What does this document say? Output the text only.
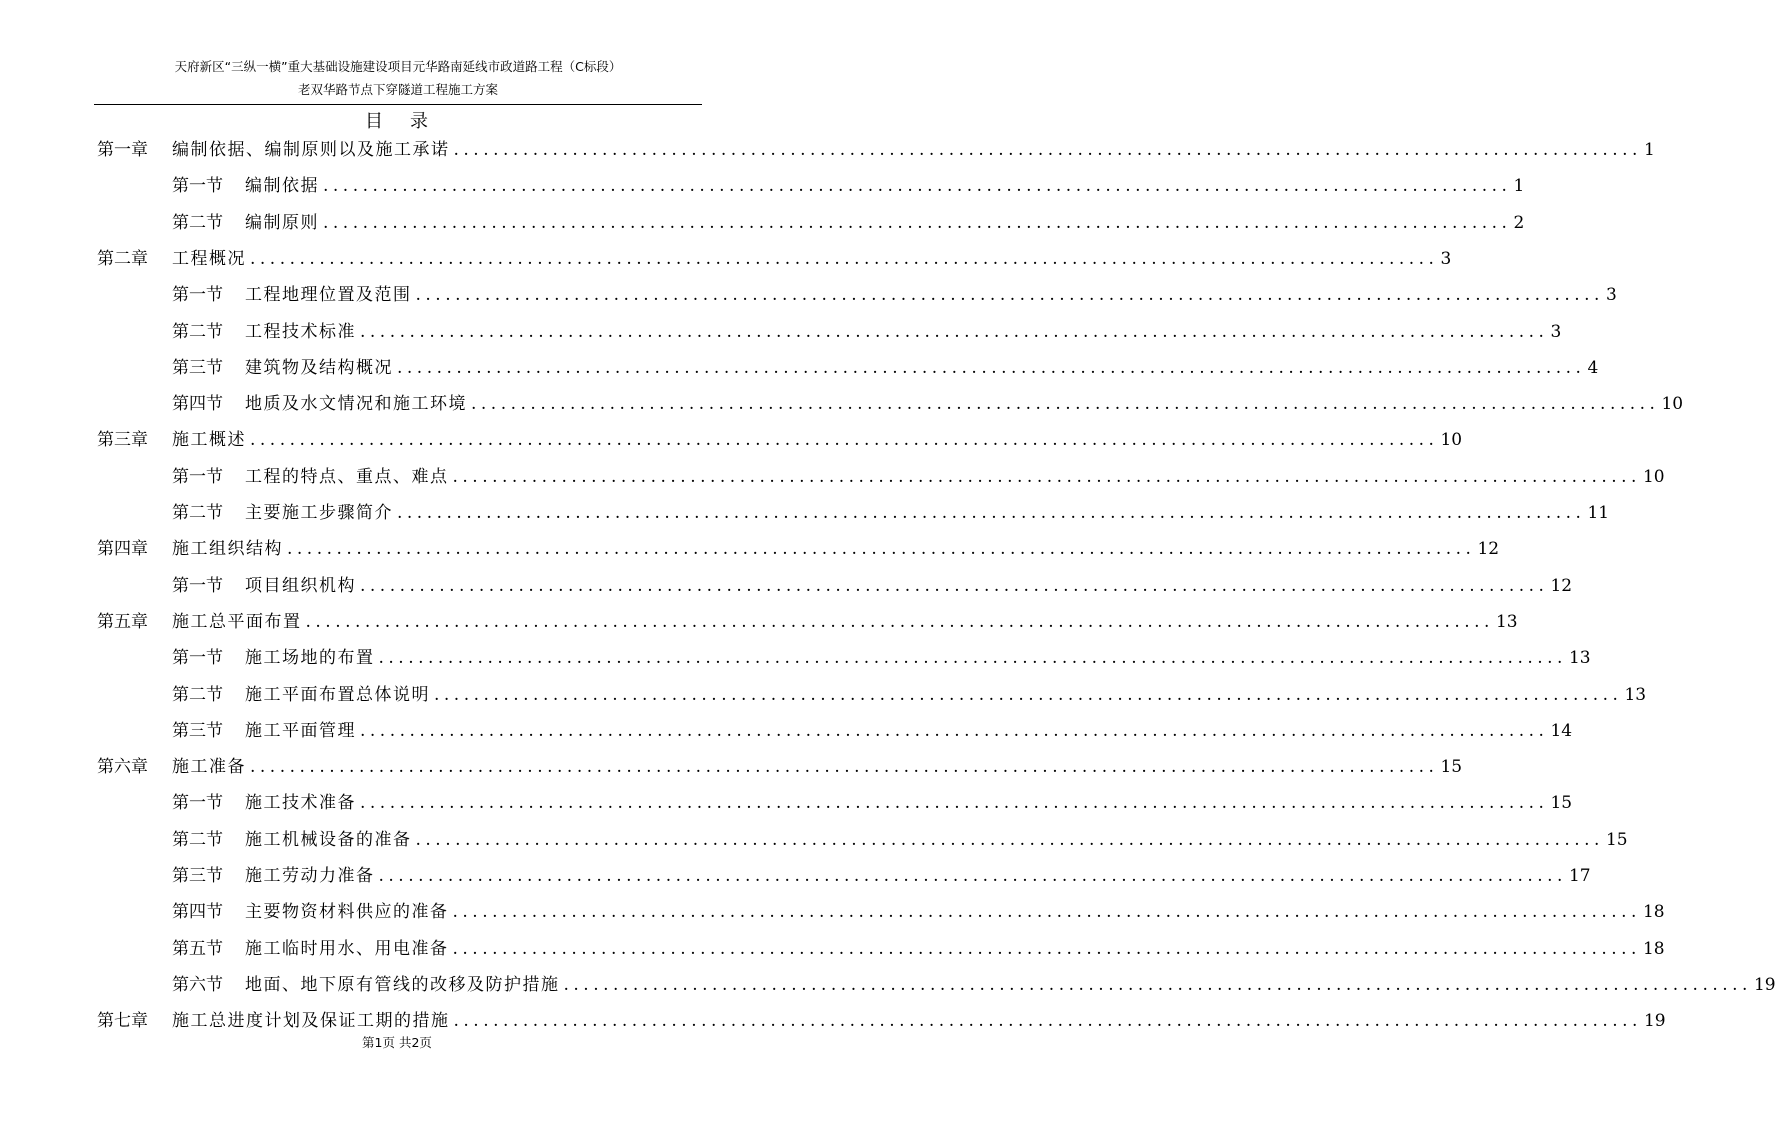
天府新区“三纵一横”重大基础设施建设项目元华路南延线市政道路工程（C标段）
老双华路节点下穿隧道工程施工方案
目 录
第一章 编制依据、编制原则以及施工承诺 ........................................................................................................................ 1
第一节 编制依据 ........................................................................................................................ 1
第二节 编制原则 ........................................................................................................................ 2
第二章 工程概况 ........................................................................................................................ 3
第一节 工程地理位置及范围 ........................................................................................................................ 3
第二节 工程技术标准 ........................................................................................................................ 3
第三节 建筑物及结构概况 ........................................................................................................................ 4
第四节 地质及水文情况和施工环境 ........................................................................................................................ 10
第三章 施工概述 ........................................................................................................................ 10
第一节 工程的特点、重点、难点 ........................................................................................................................ 10
第二节 主要施工步骤简介 ........................................................................................................................ 11
第四章 施工组织结构 ........................................................................................................................ 12
第一节 项目组织机构 ........................................................................................................................ 12
第五章 施工总平面布置 ........................................................................................................................ 13
第一节 施工场地的布置 ........................................................................................................................ 13
第二节 施工平面布置总体说明 ........................................................................................................................ 13
第三节 施工平面管理 ........................................................................................................................ 14
第六章 施工准备 ........................................................................................................................ 15
第一节 施工技术准备 ........................................................................................................................ 15
第二节 施工机械设备的准备 ........................................................................................................................ 15
第三节 施工劳动力准备 ........................................................................................................................ 17
第四节 主要物资材料供应的准备 ........................................................................................................................ 18
第五节 施工临时用水、用电准备 ........................................................................................................................ 18
第六节 地面、地下原有管线的改移及防护措施 ........................................................................................................................ 19
第七章 施工总进度计划及保证工期的措施 ........................................................................................................................ 19
第1页 共2页
